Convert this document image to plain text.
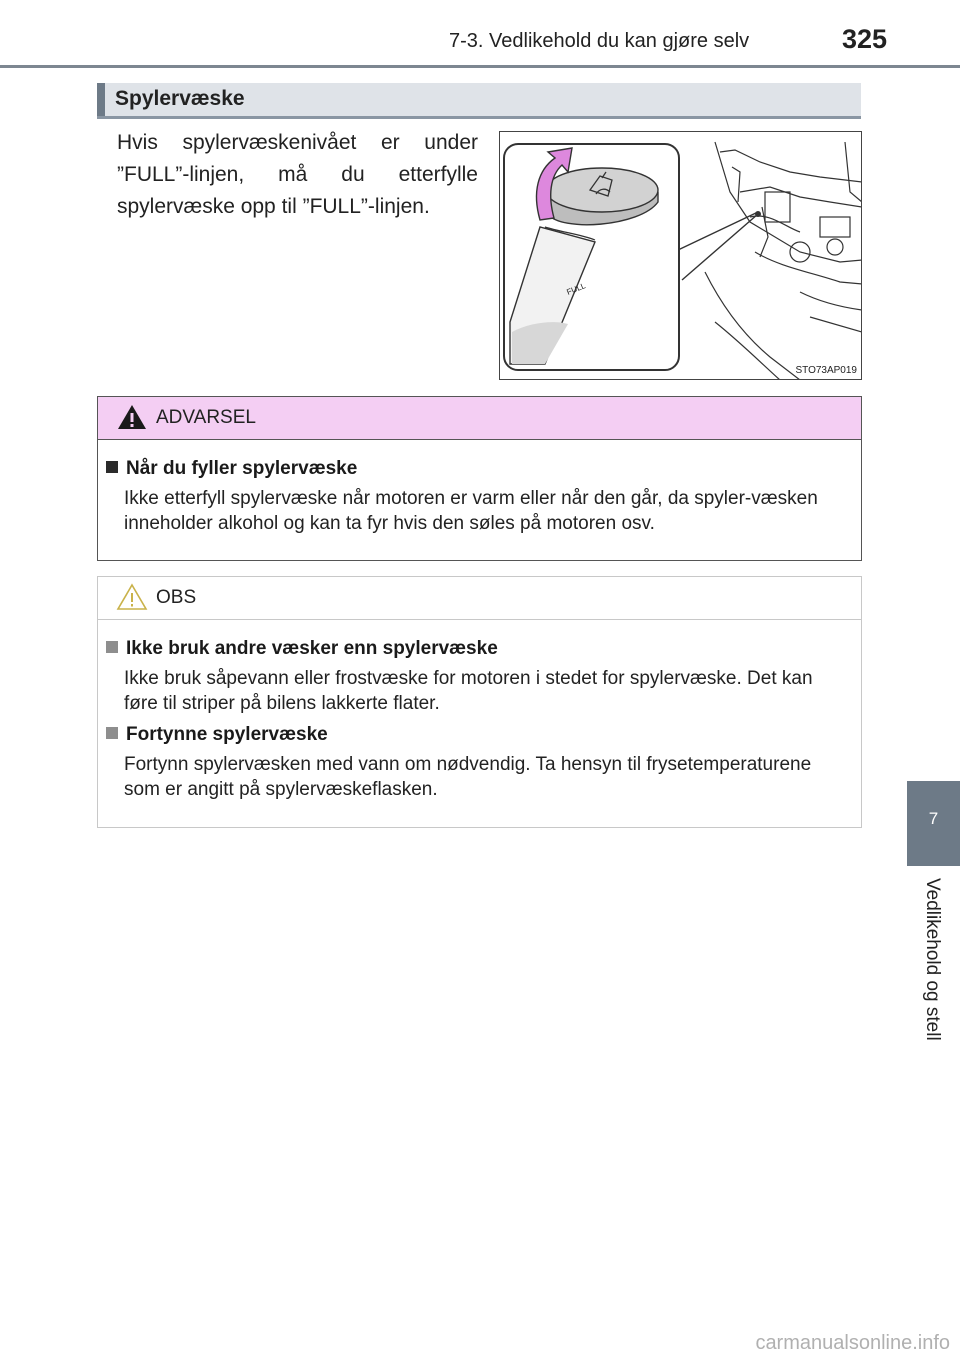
7-3. Vedlikehold du kan gjøre selv	325
Spylervæske
Hvis spylervæskenivået er under ”FULL”-linjen, må du etterfylle spylervæske opp til ”FULL”-linjen.
FULL
STO73AP019
ADVARSEL
Når du fyller spylervæske
Ikke etterfyll spylervæske når motoren er varm eller når den går, da spyler-væsken inneholder alkohol og kan ta fyr hvis den søles på motoren osv.
OBS
Ikke bruk andre væsker enn spylervæske
Ikke bruk såpevann eller frostvæske for motoren i stedet for spylervæske. Det kan føre til striper på bilens lakkerte flater.
Fortynne spylervæske
Fortynn spylervæsken med vann om nødvendig. Ta hensyn til frysetemperaturene som er angitt på spylervæskeflasken.
7
Vedlikehold og stell
carmanualsonline.info
